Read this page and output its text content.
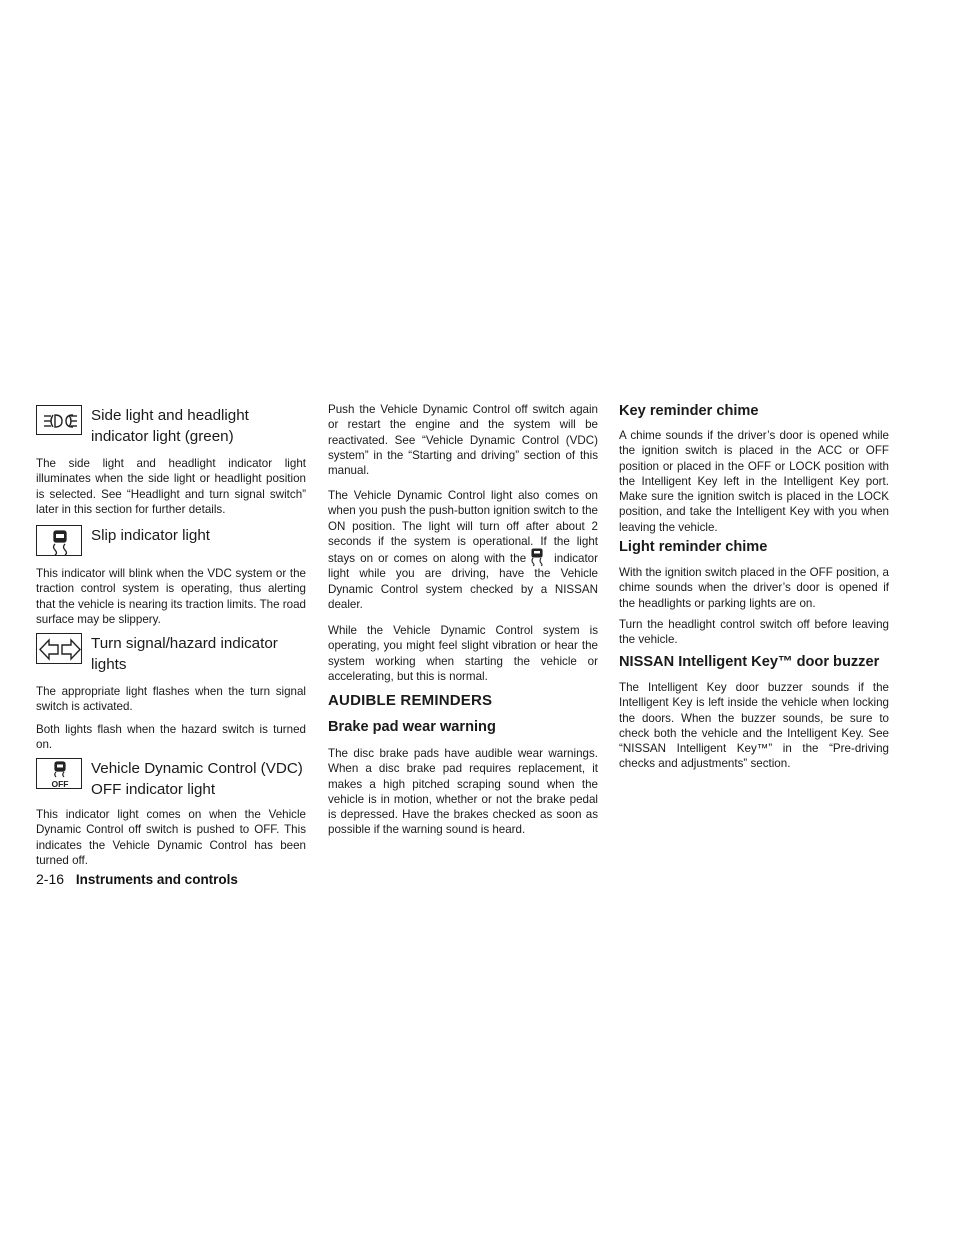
Side light and headlight indicator light (green)

The side light and headlight indicator light illuminates when the side light or headlight position is selected. See “Headlight and turn signal switch” later in this section for further details.

Slip indicator light

This indicator will blink when the VDC system or the traction control system is operating, thus alerting that the vehicle is nearing its traction limits. The road surface may be slippery.

Turn signal/hazard indicator lights

The appropriate light flashes when the turn signal switch is activated.

Both lights flash when the hazard switch is turned on.

OFF
Vehicle Dynamic Control (VDC) OFF indicator light

This indicator light comes on when the Vehicle Dynamic Control off switch is pushed to OFF. This indicates the Vehicle Dynamic Control has been turned off.

Push the Vehicle Dynamic Control off switch again or restart the engine and the system will be reactivated. See “Vehicle Dynamic Control (VDC) system” in the “Starting and driving” section of this manual.

The Vehicle Dynamic Control light also comes on when you push the push-button ignition switch to the ON position. The light will turn off after about 2 seconds if the system is operational. If the light stays on or comes on along with the indicator light while you are driving, have the Vehicle Dynamic Control system checked by a NISSAN dealer.

While the Vehicle Dynamic Control system is operating, you might feel slight vibration or hear the system working when starting the vehicle or accelerating, but this is normal.

AUDIBLE REMINDERS
Brake pad wear warning

The disc brake pads have audible wear warnings. When a disc brake pad requires replacement, it makes a high pitched scraping sound when the vehicle is in motion, whether or not the brake pedal is depressed. Have the brakes checked as soon as possible if the warning sound is heard.

Key reminder chime

A chime sounds if the driver’s door is opened while the ignition switch is placed in the ACC or OFF position or placed in the OFF or LOCK position with the Intelligent Key left in the Intelligent Key port. Make sure the ignition switch is placed in the LOCK position, and take the Intelligent Key with you when leaving the vehicle.

Light reminder chime

With the ignition switch placed in the OFF position, a chime sounds when the driver’s door is opened if the headlights or parking lights are on.

Turn the headlight control switch off before leaving the vehicle.

NISSAN Intelligent Key™ door buzzer

The Intelligent Key door buzzer sounds if the Intelligent Key is left inside the vehicle when locking the doors. When the buzzer sounds, be sure to check both the vehicle and the Intelligent Key. See “NISSAN Intelligent Key™” in the “Pre-driving checks and adjustments” section.

2-16 Instruments and controls
